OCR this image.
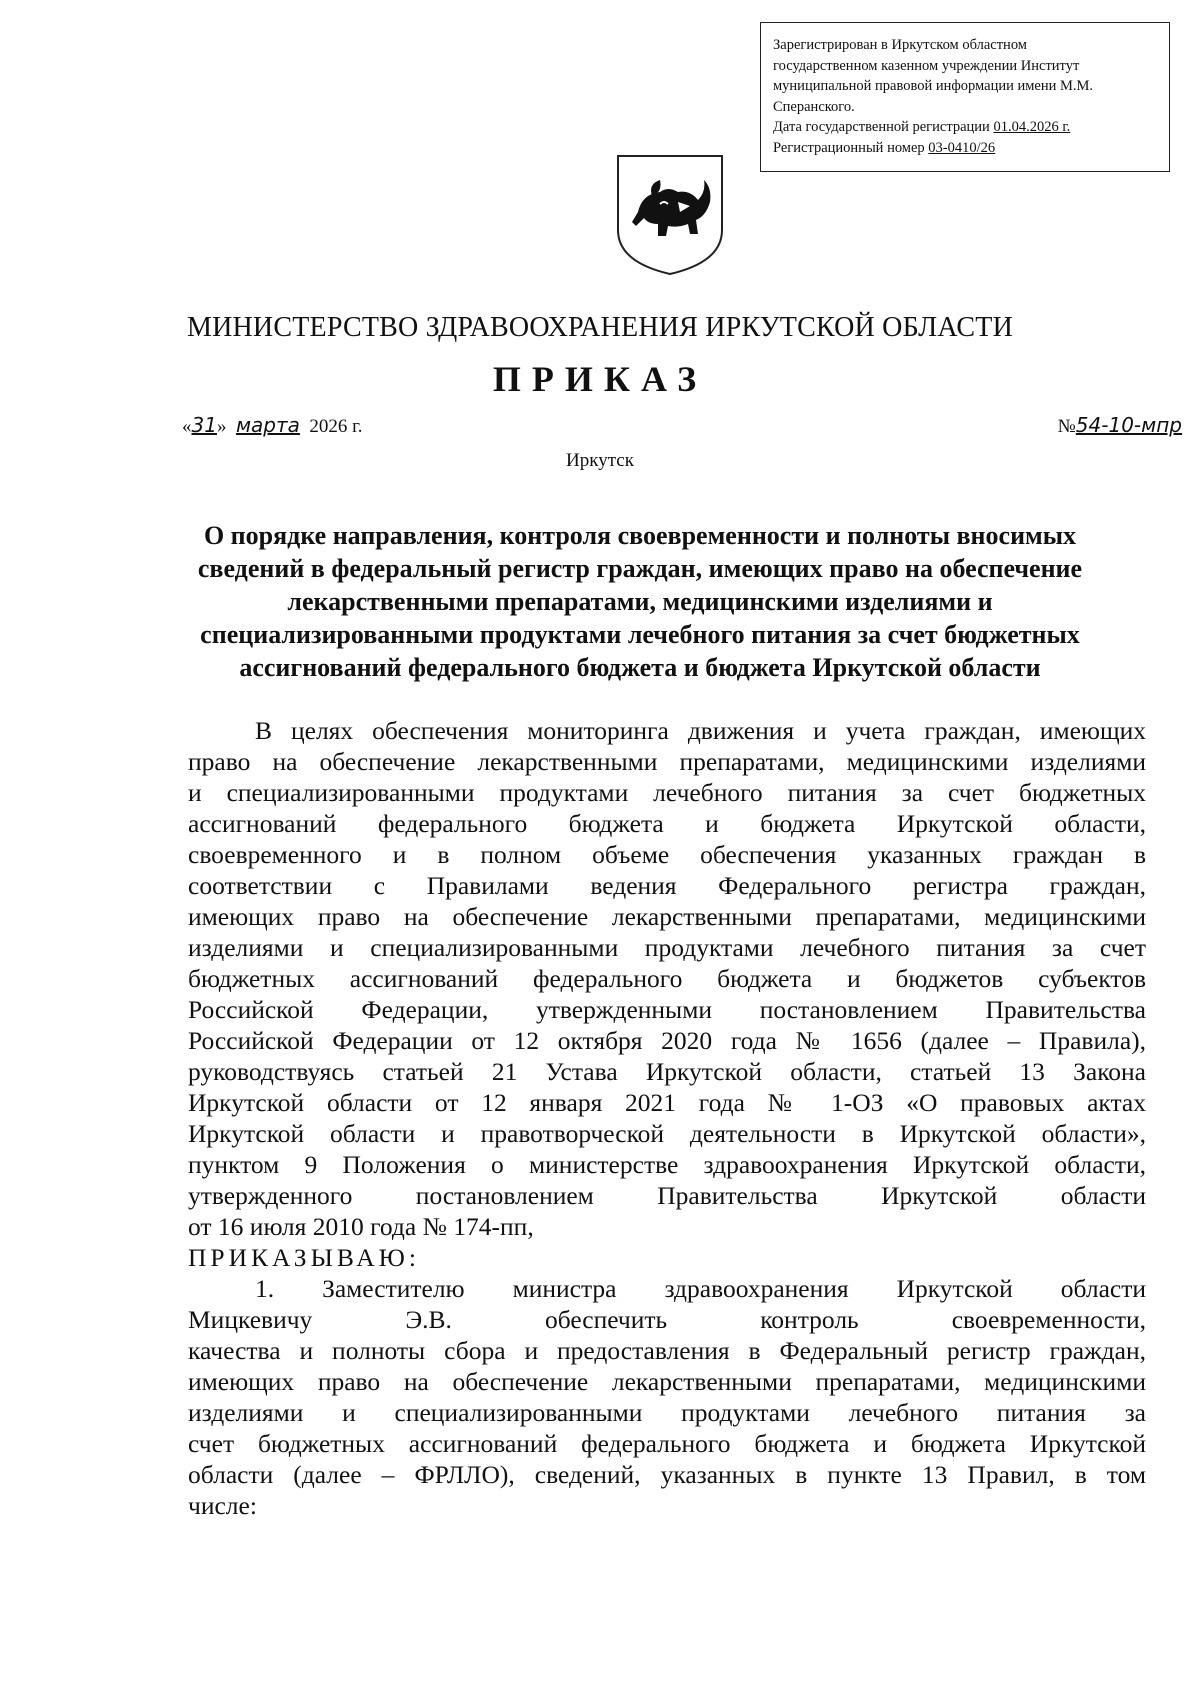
Зарегистрирован в Иркутском областном
государственном казенном учреждении Институт
муниципальной правовой информации имени М.М.
Сперанского.
Дата государственной регистрации 01.04.2026 г.
Регистрационный номер 03-0410/26
МИНИСТЕРСТВО ЗДРАВООХРАНЕНИЯ ИРКУТСКОЙ ОБЛАСТИ
ПРИКАЗ
«31» марта 2026 г.	№54-10-мпр
Иркутск
О порядке направления, контроля своевременности и полноты вносимых
сведений в федеральный регистр граждан, имеющих право на обеспечение
лекарственными препаратами, медицинскими изделиями и
специализированными продуктами лечебного питания за счет бюджетных
ассигнований федерального бюджета и бюджета Иркутской области

В целях обеспечения мониторинга движения и учета граждан, имеющих

право на обеспечение лекарственными препаратами, медицинскими изделиями

и специализированными продуктами лечебного питания за счет бюджетных

ассигнований федерального бюджета и бюджета Иркутской области,

своевременного и в полном объеме обеспечения указанных граждан в

соответствии с Правилами ведения Федерального регистра граждан,

имеющих право на обеспечение лекарственными препаратами, медицинскими

изделиями и специализированными продуктами лечебного питания за счет

бюджетных ассигнований федерального бюджета и бюджетов субъектов

Российской Федерации, утвержденными постановлением Правительства

Российской Федерации от 12 октября 2020 года № 1656 (далее – Правила),

руководствуясь статьей 21 Устава Иркутской области, статьей 13 Закона

Иркутской области от 12 января 2021 года № 1-ОЗ «О правовых актах

Иркутской области и правотворческой деятельности в Иркутской области»,

пунктом 9 Положения о министерстве здравоохранения Иркутской области,

утвержденного постановлением Правительства Иркутской области

от 16 июля 2010 года № 174-пп,

ПРИКАЗЫВАЮ:

1. Заместителю министра здравоохранения Иркутской области

Мицкевичу Э.В. обеспечить контроль своевременности,

качества и полноты сбора и предоставления в Федеральный регистр граждан,

имеющих право на обеспечение лекарственными препаратами, медицинскими

изделиями и специализированными продуктами лечебного питания за

счет бюджетных ассигнований федерального бюджета и бюджета Иркутской

области (далее – ФРЛЛО), сведений, указанных в пункте 13 Правил, в том

числе:
